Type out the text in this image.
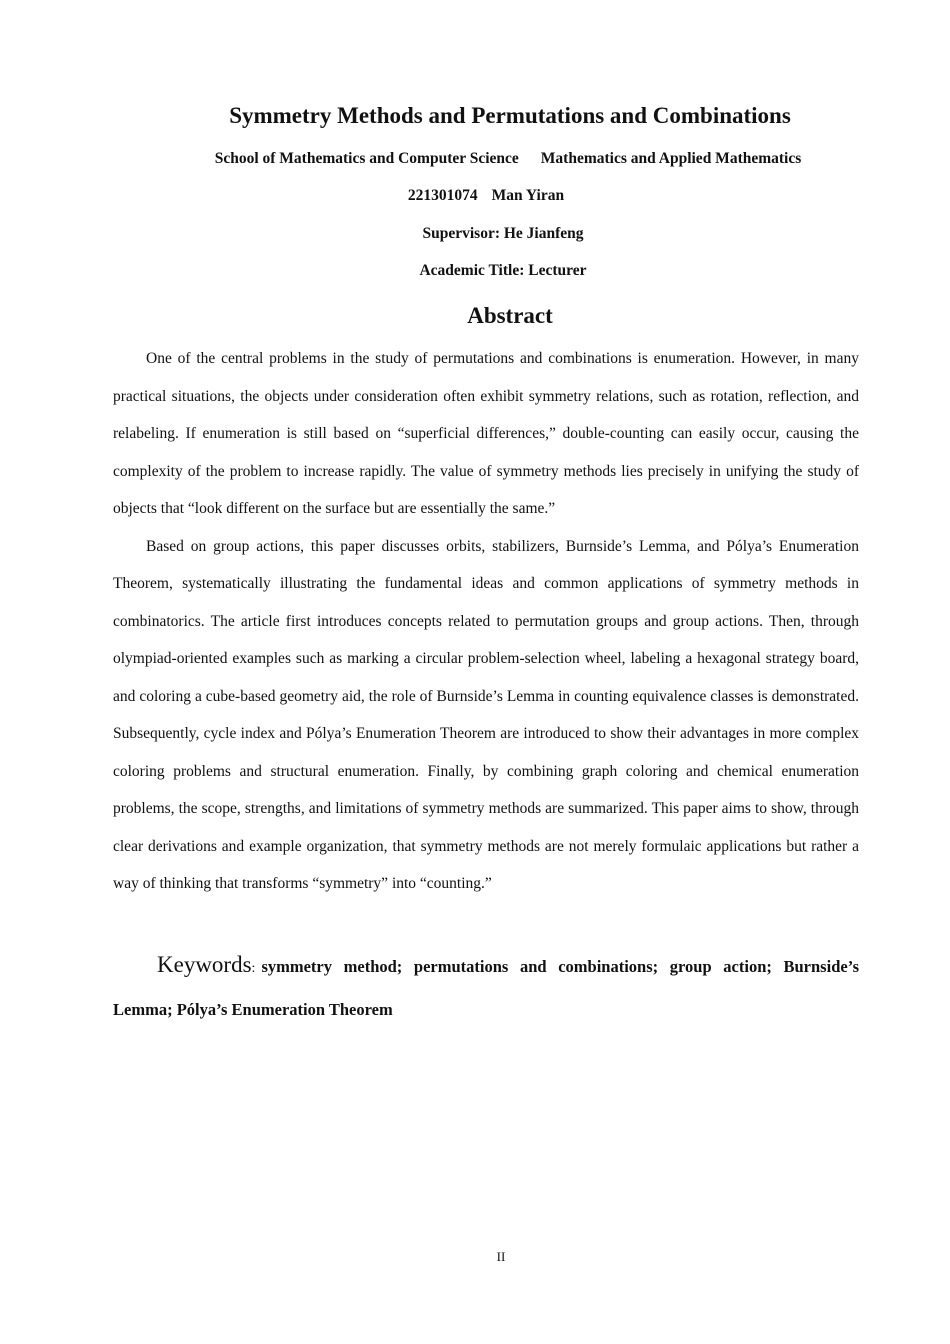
Symmetry Methods and Permutations and Combinations
School of Mathematics and Computer Science Mathematics and Applied Mathematics
221301074 Man Yiran
Supervisor: He Jianfeng
Academic Title: Lecturer
Abstract

One of the central problems in the study of permutations and combinations is enumeration. However, in many practical situations, the objects under consideration often exhibit symmetry relations, such as rotation, reflection, and relabeling. If enumeration is still based on “superficial differences,” double-counting can easily occur, causing the complexity of the problem to increase rapidly. The value of symmetry methods lies precisely in unifying the study of objects that “look different on the surface but are essentially the same.”

Based on group actions, this paper discusses orbits, stabilizers, Burnside’s Lemma, and Pólya’s Enumeration Theorem, systematically illustrating the fundamental ideas and common applications of symmetry methods in combinatorics. The article first introduces concepts related to permutation groups and group actions. Then, through olympiad-oriented examples such as marking a circular problem-selection wheel, labeling a hexagonal strategy board, and coloring a cube-based geometry aid, the role of Burnside’s Lemma in counting equivalence classes is demonstrated. Subsequently, cycle index and Pólya’s Enumeration Theorem are introduced to show their advantages in more complex coloring problems and structural enumeration. Finally, by combining graph coloring and chemical enumeration problems, the scope, strengths, and limitations of symmetry methods are summarized. This paper aims to show, through clear derivations and example organization, that symmetry methods are not merely formulaic applications but rather a way of thinking that transforms “symmetry” into “counting.”

Keywords: symmetry method; permutations and combinations; group action; Burnside’s Lemma; Pólya’s Enumeration Theorem
II
